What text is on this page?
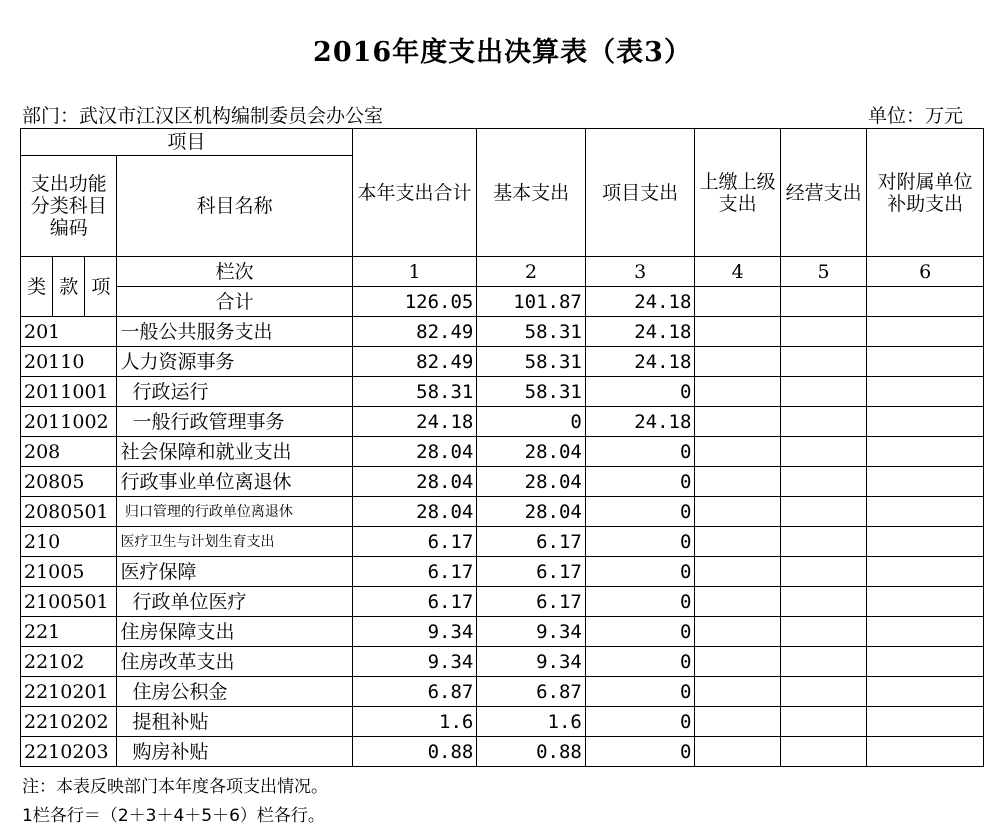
2016年度支出决算表（表3）
部门：武汉市江汉区机构编制委员会办公室	单位：万元
项目				本年支出合计	基本支出	项目支出	上缴上级支出	经营支出	对附属单位补助支出
支出功能分类科目编码			科目名称						
类	款	项	栏次	1	2	3	4	5	6
			合计	126.05	101.87	24.18			
201			一般公共服务支出	82.49	58.31	24.18			
20110			人力资源事务	82.49	58.31	24.18			
2011001			行政运行	58.31	58.31	0			
2011002			一般行政管理事务	24.18	0	24.18			
208			社会保障和就业支出	28.04	28.04	0			
20805			行政事业单位离退休	28.04	28.04	0			
2080501			归口管理的行政单位离退休	28.04	28.04	0			
210			医疗卫生与计划生育支出	6.17	6.17	0			
21005			医疗保障	6.17	6.17	0			
2100501			行政单位医疗	6.17	6.17	0			
221			住房保障支出	9.34	9.34	0			
22102			住房改革支出	9.34	9.34	0			
2210201			住房公积金	6.87	6.87	0			
2210202			提租补贴	1.6	1.6	0			
2210203			购房补贴	0.88	0.88	0			
注：本表反映部门本年度各项支出情况。
1栏各行＝（2＋3＋4＋5＋6）栏各行。
